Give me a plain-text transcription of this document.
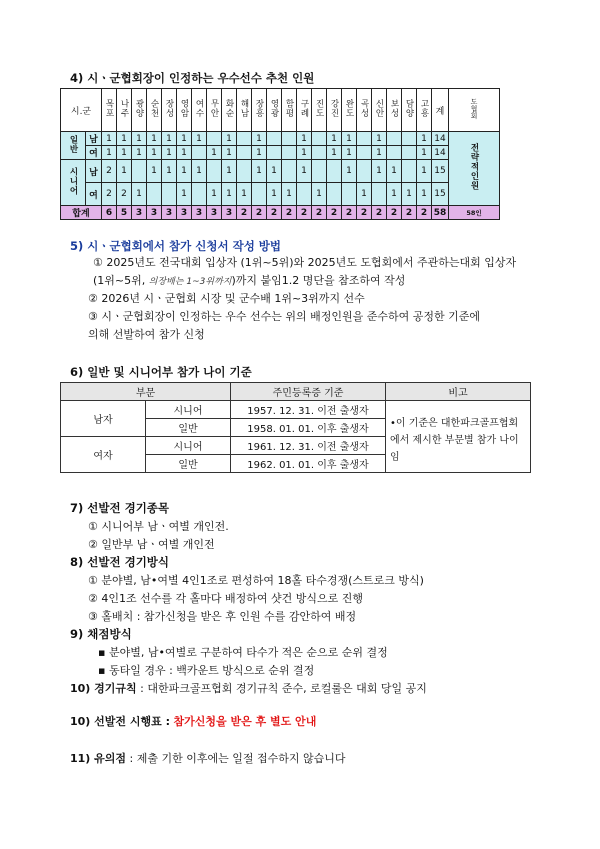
4) 시ㆍ군협회장이 인정하는 우수선수 추천 인원
시.군		목포	나주	광양	순천	장성	영암	여수	무안	화순	해남	장흥	영광	함평	구례	진도	강진	완도	곡성	신안	보성	담양	고흥	계	도협회
일반	남	1	1	1	1	1	1	1		1		1			1		1	1		1			1	14	전략적인원
	여	1	1	1	1	1	1		1	1		1			1		1	1		1			1	14	
시니어	남	2	1		1	1	1	1		1		1	1		1			1		1	1		1	15	
	여	2	2	1			1		1	1	1		1	1		1			1		1	1	1	15	
합계		6	5	3	3	3	3	3	3	3	2	2	2	2	2	2	2	2	2	2	2	2	2	58	58인
5) 시ㆍ군협회에서 참가 신청서 작성 방법
① 2025년도 전국대회 입상자 (1위~5위)와 2025년도 도협회에서 주관하는대회 입상자
(1위~5위, 의장배는 1~3위까지)까지 붙임1.2 명단을 참조하여 작성
② 2026년 시ㆍ군협회 시장 및 군수배 1위~3위까지 선수
③ 시ㆍ군협회장이 인정하는 우수 선수는 위의 배정인원을 준수하여 공정한 기준에
의해 선발하여 참가 신청
6) 일반 및 시니어부 참가 나이 기준
부문		주민등록증 기준	비고
남자	시니어	1957. 12. 31. 이전 출생자	•이 기준은 대한파크골프협회에서 제시한 부문별 참가 나이임
	일반	1958. 01. 01. 이후 출생자	
여자	시니어	1961. 12. 31. 이전 출생자	
	일반	1962. 01. 01. 이후 출생자	
7) 선발전 경기종목
① 시니어부 남ㆍ여별 개인전.
② 일반부 남ㆍ여별 개인전
8) 선발전 경기방식
① 분야별, 남•여별 4인1조로 편성하여 18홀 타수경쟁(스트로크 방식)
② 4인1조 선수를 각 홀마다 배정하여 샷건 방식으로 진행
③ 홀배치 : 참가신청을 받은 후 인원 수를 감안하여 배정
9) 채점방식
▪ 분야별, 남•여별로 구분하여 타수가 적은 순으로 순위 결정
▪ 동타일 경우 : 백카운트 방식으로 순위 결정
10) 경기규칙 : 대한파크골프협회 경기규칙 준수, 로컬룰은 대회 당일 공지
10) 선발전 시행표 : 참가신청을 받은 후 별도 안내
11) 유의점 : 제출 기한 이후에는 일절 접수하지 않습니다
